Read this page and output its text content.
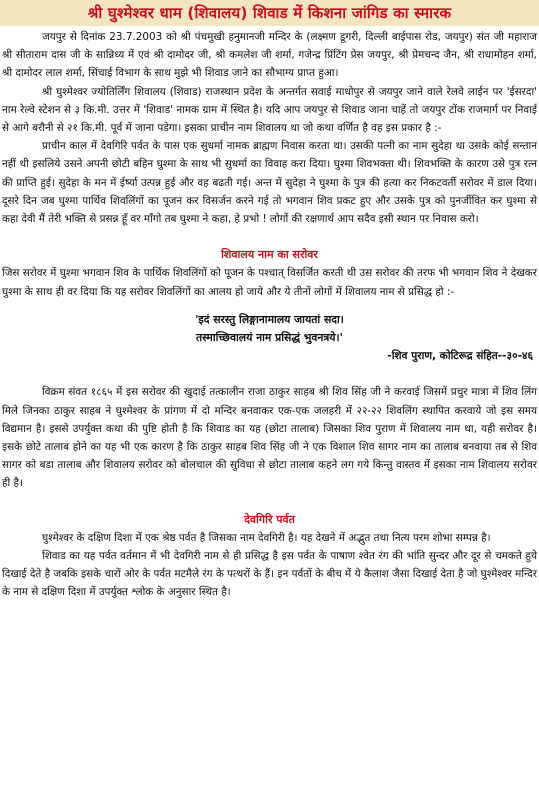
श्री घुश्मेश्वर धाम (शिवालय) शिवाड में किशना जांगिड का स्मारक

जयपुर से दिनांक 23.7.2003 को श्री पंचमुखी हनुमानजी मन्दिर के (लक्ष्मण डूगरी, दिल्ली बाईपास रोड, जयपुर) संत जी महाराज श्री सीताराम दास जी के सान्निध्य में एवं श्री दामोदर जी, श्री कमलेश जी शर्मा, गजेन्द्र प्रिंटिंग प्रेस जयपुर, श्री प्रेमचन्द जैन, श्री राधामोहन शर्मा, श्री दामोदर लाल शर्मा, सिंचाई विभाग के साथ मुझे भी शिवाड जाने का सौभाग्य प्राप्त हुआ।

श्री घुश्मेश्वर ज्योतिर्लिंग शिवालय (शिवाड) राजस्थान प्रदेश के अन्तर्गत सवाई माधोपुर से जयपुर जाने वाले रेलवे लाईन पर 'ईसरदा' नाम रेल्वे स्टेशन से ३ कि.मी. उत्तर में 'शिवाड' नामक ग्राम में स्थित है। यदि आप जयपुर से शिवाड जाना चाहें तो जयपुर टोंक राजमार्ग पर निवाई से आगे बरौनी से २१ कि.मी. पूर्व में जाना पडेगा। इसका प्राचीन नाम शिवालय था जो कथा वर्णित है वह इस प्रकार है :-

प्राचीन काल में देवगिरि पर्वत के पास एक सुधर्मा नामक ब्राह्मण निवास करता था। उसकी पत्नी का नाम सुदेहा था उसके कोई सन्तान नहीं थी इसलिये उसने अपनी छोटी बहिन घुश्मा के साथ भी सुधर्मा का विवाह करा दिया। घुश्मा शिवभक्ता थी। शिवभक्ति के कारण उसे पुत्र रत्न की प्राप्ति हुई। सुदेहा के मन में ईर्ष्या उत्पन्न हुई और वह बढती गई। अन्त में सुदेहा ने घुश्मा के पुत्र की हत्या कर निकटवर्ती सरोवर में डाल दिया। दूसरे दिन जब घुश्मा पार्थिव शिवलिंगों का पूजन कर विसर्जन करने गई तो भगवान शिव प्रकट हुए और उसके पुत्र को पुनर्जीवित कर घुश्मा से कहा देवी मैं तेरी भक्ति से प्रसन्न हूँ वर माँगो तब घुश्मा ने कहा, हे प्रभो ! लोगों की रक्षणार्थ आप सदैव इसी स्थान पर निवास करो।

शिवालय नाम का सरोवर

जिस सरोवर में घुश्मा भगवान शिव के पार्थिक शिवलिंगों को पूजन के पश्चात् विसर्जित करती थी उस सरोवर की तरफ भी भगवान शिव ने देखकर घुश्मा के साथ ही वर दिया कि यह सरोवर शिवलिंगों का आलय हो जाये और ये तीनों लोगों में शिवालय नाम से प्रसिद्ध हो :-

'इदं सरस्तु लिङ्गानामालय जायतां सदा।

तस्माच्छिवालयं नाम प्रसिद्धं भुवनत्रये।'

-शिव पुराण, कोटिरूद्र संहित--३०-४६

विक्रम संवत १८६५ में इस सरोवर की खुदाई तत्कालीन राजा ठाकुर साहब श्री शिव सिंह जी ने करवाई जिसमें प्रचुर मात्रा में शिव लिंग मिले जिनका ठाकुर साहब ने घुश्मेश्वर के प्रांगण में दो मन्दिर बनवाकर एक-एक जलहरी में २२-२२ शिवलिंग स्थापित करवाये जो इस समय विद्यमान है। इससे उपर्युक्त कथा की पुष्टि होती है कि शिवाड का यह (छोटा तालाब) जिसका शिव पुराण में शिवालय नाम था, यही सरोवर है। इसके छोटे तालाब होने का यह भी एक कारण है कि ठाकुर साहब शिव सिंह जी ने एक विशाल शिव सागर नाम का तालाब बनवाया तब से शिव सागर को बडा तालाब और शिवालय सरोवर को बोलचाल की सुविधा से छोटा तालाब कहने लग गये किन्तु वास्तव में इसका नाम शिवालय सरोवर ही है।

देवगिरि पर्वत

घुश्मेश्वर के दक्षिण दिशा में एक श्रेष्ठ पर्वत है जिसका नाम देवगिरी है। यह देखने में अद्भुत तथा नित्य परम शोभा सम्पन्न है।

शिवाड का यह पर्वत वर्तमान में भी देवगिरी नाम से ही प्रसिद्ध है इस पर्वत के पाषाण श्वेत रंग की भांति सुन्दर और दूर से चमकते हुये दिखाई देते है जबकि इसके चारों ओर के पर्वत मटमैले रंग के पत्थरों के हैं। इन पर्वतों के बीच में ये कैलाश जैसा दिखाई देता है जो घुश्मेश्वर मन्दिर के नाम से दक्षिण दिशा में उपर्युक्त श्लोक के अनुसार स्थित है।
